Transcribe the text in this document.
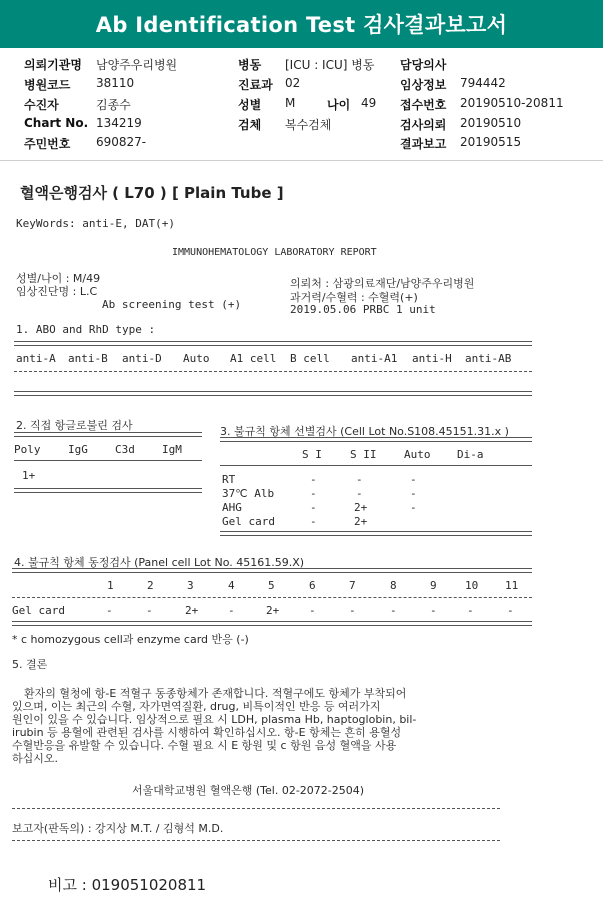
Ab Identification Test 검사결과보고서
의뢰기관명 남양주우리병원
병원코드 38110
수진자	김종수
Chart No. 134219
주민번호 690827-
병동 [ICU : ICU] 병동
진료과 02
성별 M	나이 49
검체 복수검체
담당의사
임상정보 794442
접수번호 20190510-20811
검사의뢰 20190510
결과보고 20190515
혈액은행검사 ( L70 ) [ Plain Tube ]
KeyWords: anti-E, DAT(+)
IMMUNOHEMATOLOGY LABORATORY REPORT
성별/나이 : M/49
임상진단명 : L.C
Ab screening test (+)
의뢰처 : 삼광의료재단/남양주우리병원
과거력/수혈력 : 수혈력(+)
2019.05.06 PRBC 1 unit
1. ABO and RhD type :
anti-A anti-B anti-D Auto A1 cell B cell anti-A1 anti-H anti-AB
2. 직접 항글로불린 검사
Poly	IgG C3d IgM
1+
3. 불규칙 항체 선별검사 (Cell Lot No.S108.45151.31.x )
S I	S II	Auto Di-a
RT	-	-	-
37℃ Alb	-	-	-
AHG	-	2+	-
Gel card	-	2+
4. 불규칙 항체 동정검사 (Panel cell Lot No. 45161.59.X)
1	2	3	4	5	6	7	8	9	10 11
Gel card	-	-	2+	-	2+	-	-	-	-	-	-
* c homozygous cell과 enzyme card 반응 (-)
5. 결론
환자의 혈청에 항-E 적혈구 동종항체가 존재합니다. 적혈구에도 항체가 부착되어
있으며, 이는 최근의 수혈, 자가면역질환, drug, 비특이적인 반응 등 여러가지
원인이 있을 수 있습니다. 임상적으로 필요 시 LDH, plasma Hb, haptoglobin, bil-
irubin 등 용혈에 관련된 검사를 시행하여 확인하십시오. 항-E 항체는 흔히 용혈성
수혈반응을 유발할 수 있습니다. 수혈 필요 시 E 항원 및 c 항원 음성 혈액을 사용
하십시오.
서울대학교병원 혈액은행 (Tel. 02-2072-2504)
보고자(판독의) : 강지상 M.T. / 김형석 M.D.
비고 : 019051020811
